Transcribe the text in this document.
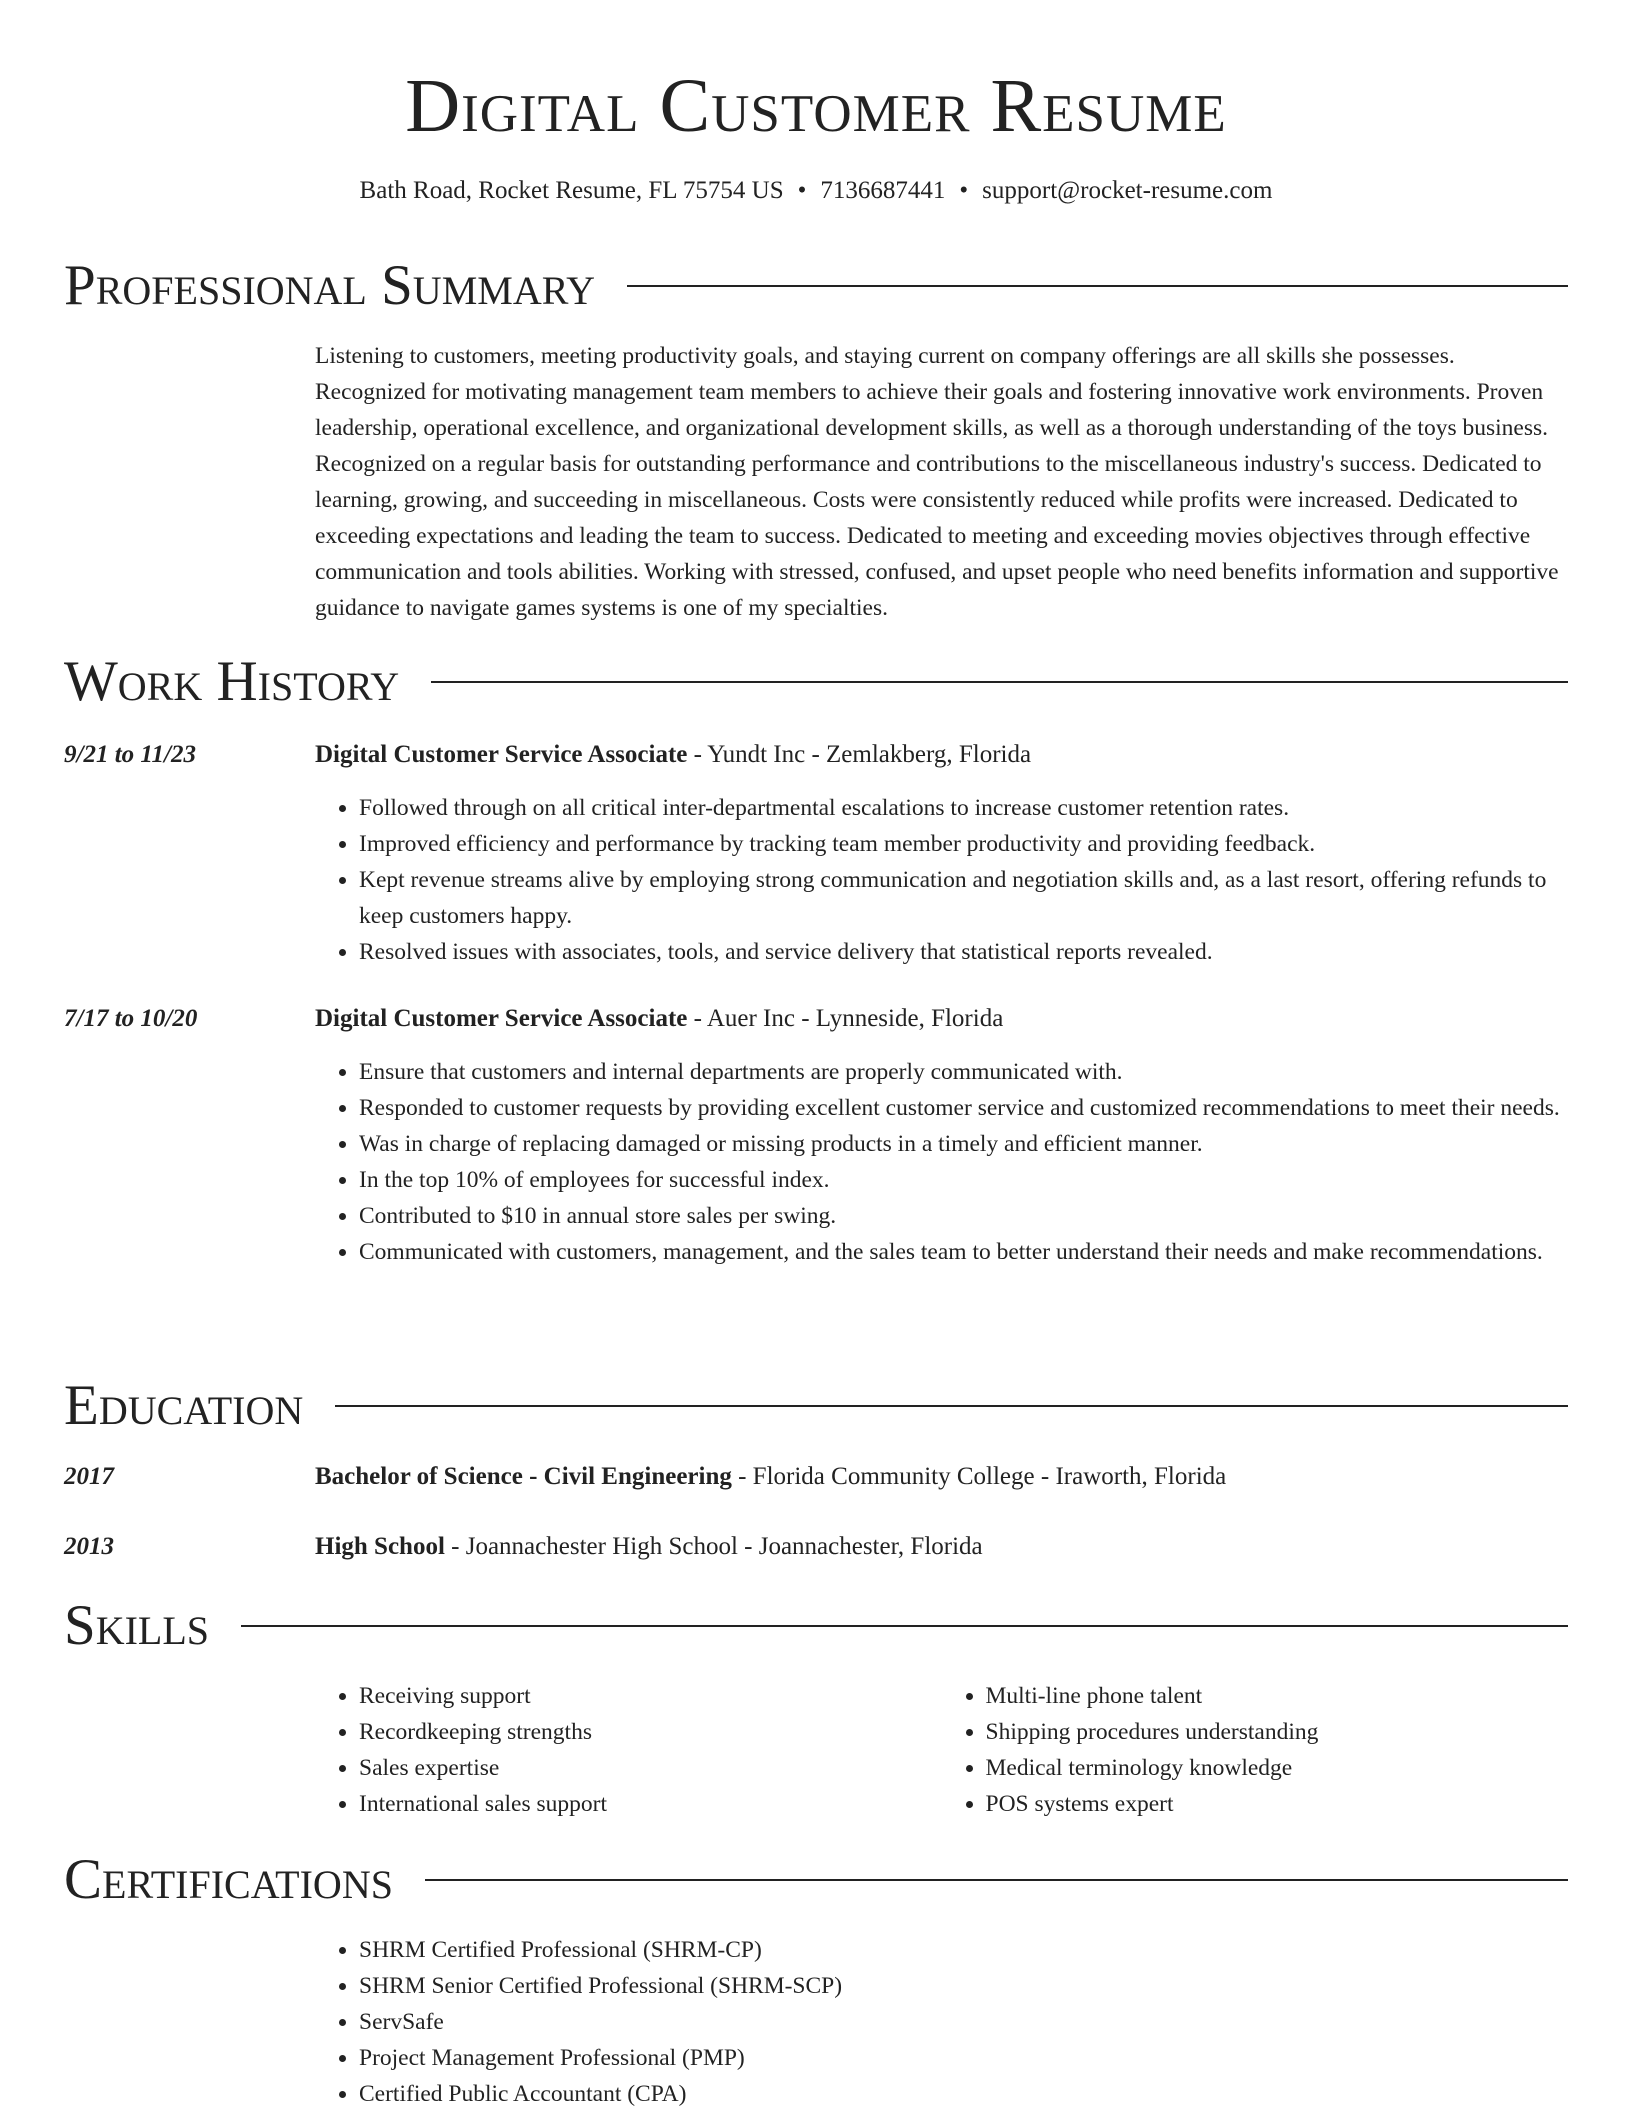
Digital Customer Resume
Bath Road, Rocket Resume, FL 75754 US • 7136687441 • support@rocket-resume.com
Professional Summary

Listening to customers, meeting productivity goals, and staying current on company offerings are all skills she possesses. Recognized for motivating management team members to achieve their goals and fostering innovative work environments. Proven leadership, operational excellence, and organizational development skills, as well as a thorough understanding of the toys business. Recognized on a regular basis for outstanding performance and contributions to the miscellaneous industry's success. Dedicated to learning, growing, and succeeding in miscellaneous. Costs were consistently reduced while profits were increased. Dedicated to exceeding expectations and leading the team to success. Dedicated to meeting and exceeding movies objectives through effective communication and tools abilities. Working with stressed, confused, and upset people who need benefits information and supportive guidance to navigate games systems is one of my specialties.

Work History
9/21 to 11/23	Digital Customer Service Associate - Yundt Inc - Zemlakberg, Florida
• Followed through on all critical inter-departmental escalations to increase customer retention rates.
• Improved efficiency and performance by tracking team member productivity and providing feedback.
• Kept revenue streams alive by employing strong communication and negotiation skills and, as a last resort, offering refunds to keep customers happy.
• Resolved issues with associates, tools, and service delivery that statistical reports revealed.
7/17 to 10/20	Digital Customer Service Associate - Auer Inc - Lynneside, Florida
• Ensure that customers and internal departments are properly communicated with.
• Responded to customer requests by providing excellent customer service and customized recommendations to meet their needs.
• Was in charge of replacing damaged or missing products in a timely and efficient manner.
• In the top 10% of employees for successful index.
• Contributed to $10 in annual store sales per swing.
• Communicated with customers, management, and the sales team to better understand their needs and make recommendations.
Education
2017	Bachelor of Science - Civil Engineering - Florida Community College - Iraworth, Florida
2013	High School - Joannachester High School - Joannachester, Florida
Skills
• Receiving support
• Recordkeeping strengths
• Sales expertise
• International sales support
• Multi-line phone talent
• Shipping procedures understanding
• Medical terminology knowledge
• POS systems expert
Certifications
• SHRM Certified Professional (SHRM-CP)
• SHRM Senior Certified Professional (SHRM-SCP)
• ServSafe
• Project Management Professional (PMP)
• Certified Public Accountant (CPA)
